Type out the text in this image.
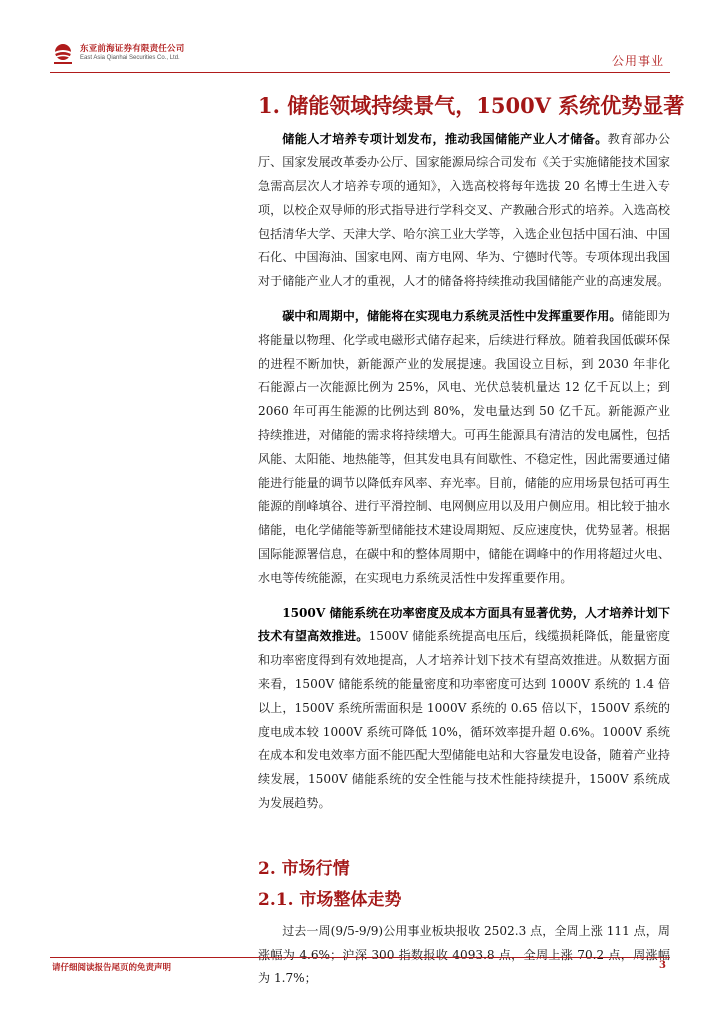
东亚前海证券有限责任公司
East Asia Qianhai Securities Co., Ltd.	公用事业
1. 储能领域持续景气，1500V 系统优势显著

储能人才培养专项计划发布，推动我国储能产业人才储备。教育部办公厅、国家发展改革委办公厅、国家能源局综合司发布《关于实施储能技术国家急需高层次人才培养专项的通知》，入选高校将每年选拔 20 名博士生进入专项，以校企双导师的形式指导进行学科交叉、产教融合形式的培养。入选高校包括清华大学、天津大学、哈尔滨工业大学等，入选企业包括中国石油、中国石化、中国海油、国家电网、南方电网、华为、宁德时代等。专项体现出我国对于储能产业人才的重视，人才的储备将持续推动我国储能产业的高速发展。

碳中和周期中，储能将在实现电力系统灵活性中发挥重要作用。储能即为将能量以物理、化学或电磁形式储存起来，后续进行释放。随着我国低碳环保的进程不断加快，新能源产业的发展提速。我国设立目标，到 2030 年非化石能源占一次能源比例为 25%，风电、光伏总装机量达 12 亿千瓦以上；到 2060 年可再生能源的比例达到 80%，发电量达到 50 亿千瓦。新能源产业持续推进，对储能的需求将持续增大。可再生能源具有清洁的发电属性，包括风能、太阳能、地热能等，但其发电具有间歇性、不稳定性，因此需要通过储能进行能量的调节以降低弃风率、弃光率。目前，储能的应用场景包括可再生能源的削峰填谷、进行平滑控制、电网侧应用以及用户侧应用。相比较于抽水储能，电化学储能等新型储能技术建设周期短、反应速度快，优势显著。根据国际能源署信息，在碳中和的整体周期中，储能在调峰中的作用将超过火电、水电等传统能源，在实现电力系统灵活性中发挥重要作用。

1500V 储能系统在功率密度及成本方面具有显著优势，人才培养计划下技术有望高效推进。1500V 储能系统提高电压后，线缆损耗降低，能量密度和功率密度得到有效地提高，人才培养计划下技术有望高效推进。从数据方面来看，1500V 储能系统的能量密度和功率密度可达到 1000V 系统的 1.4 倍以上，1500V 系统所需面积是 1000V 系统的 0.65 倍以下，1500V 系统的度电成本较 1000V 系统可降低 10%，循环效率提升超 0.6%。1000V 系统在成本和发电效率方面不能匹配大型储能电站和大容量发电设备，随着产业持续发展，1500V 储能系统的安全性能与技术性能持续提升，1500V 系统成为发展趋势。

2. 市场行情
2.1. 市场整体走势

过去一周(9/5-9/9)公用事业板块报收 2502.3 点，全周上涨 111 点，周涨幅为 4.6%；沪深 300 指数报收 4093.8 点，全周上涨 70.2 点，周涨幅为 1.7%；

请仔细阅读报告尾页的免责声明	3
